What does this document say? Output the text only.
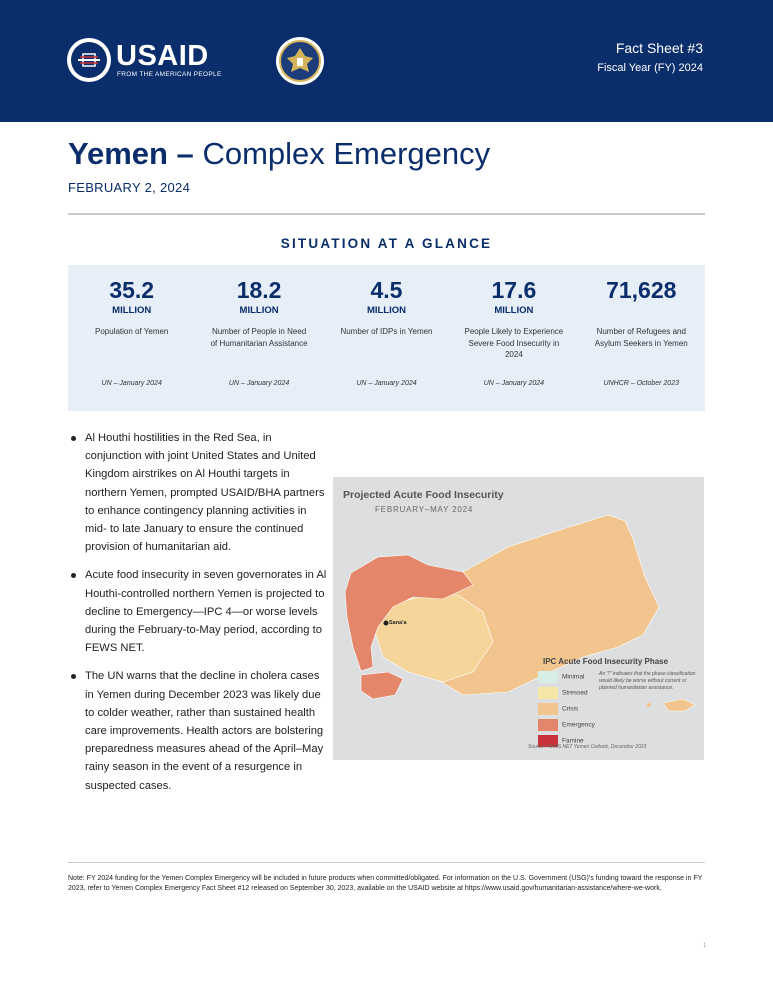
USAID
FROM THE AMERICAN PEOPLE
Fact Sheet #3
Fiscal Year (FY) 2024
Yemen – Complex Emergency
FEBRUARY 2, 2024
SITUATION AT A GLANCE
35.2
MILLION
Population of Yemen
UN – January 2024
18.2
MILLION
Number of People in Need of Humanitarian Assistance
UN – January 2024
4.5
MILLION
Number of IDPs in Yemen
UN – January 2024
17.6
MILLION
People Likely to Experience Severe Food Insecurity in 2024
UN – January 2024
71,628
Number of Refugees and Asylum Seekers in Yemen
UNHCR – October 2023
Al Houthi hostilities in the Red Sea, in conjunction with joint United States and United Kingdom airstrikes on Al Houthi targets in northern Yemen, prompted USAID/BHA partners to enhance contingency planning activities in mid- to late January to ensure the continued provision of humanitarian aid.
Acute food insecurity in seven governorates in Al Houthi-controlled northern Yemen is projected to decline to Emergency—IPC 4—or worse levels during the February-to-May period, according to FEWS NET.
The UN warns that the decline in cholera cases in Yemen during December 2023 was likely due to colder weather, rather than sustained health care improvements. Health actors are bolstering preparedness measures ahead of the April–May rainy season in the event of a resurgence in suspected cases.
Projected Acute Food Insecurity
FEBRUARY–MAY 2024
Sana'a
IPC Acute Food Insecurity Phase
Minimal
Stressed
Crisis
Emergency
Famine
An "!" indicates that the phase classification would likely be worse without current or planned humanitarian assistance.
Source: FEWS NET Yemen Outlook, December 2023
Note: FY 2024 funding for the Yemen Complex Emergency will be included in future products when committed/obligated. For information on the U.S. Government (USG)'s funding toward the response in FY 2023, refer to Yemen Complex Emergency Fact Sheet #12 released on September 30, 2023, available on the USAID website at https://www.usaid.gov/humanitarian-assistance/where-we-work.
1
